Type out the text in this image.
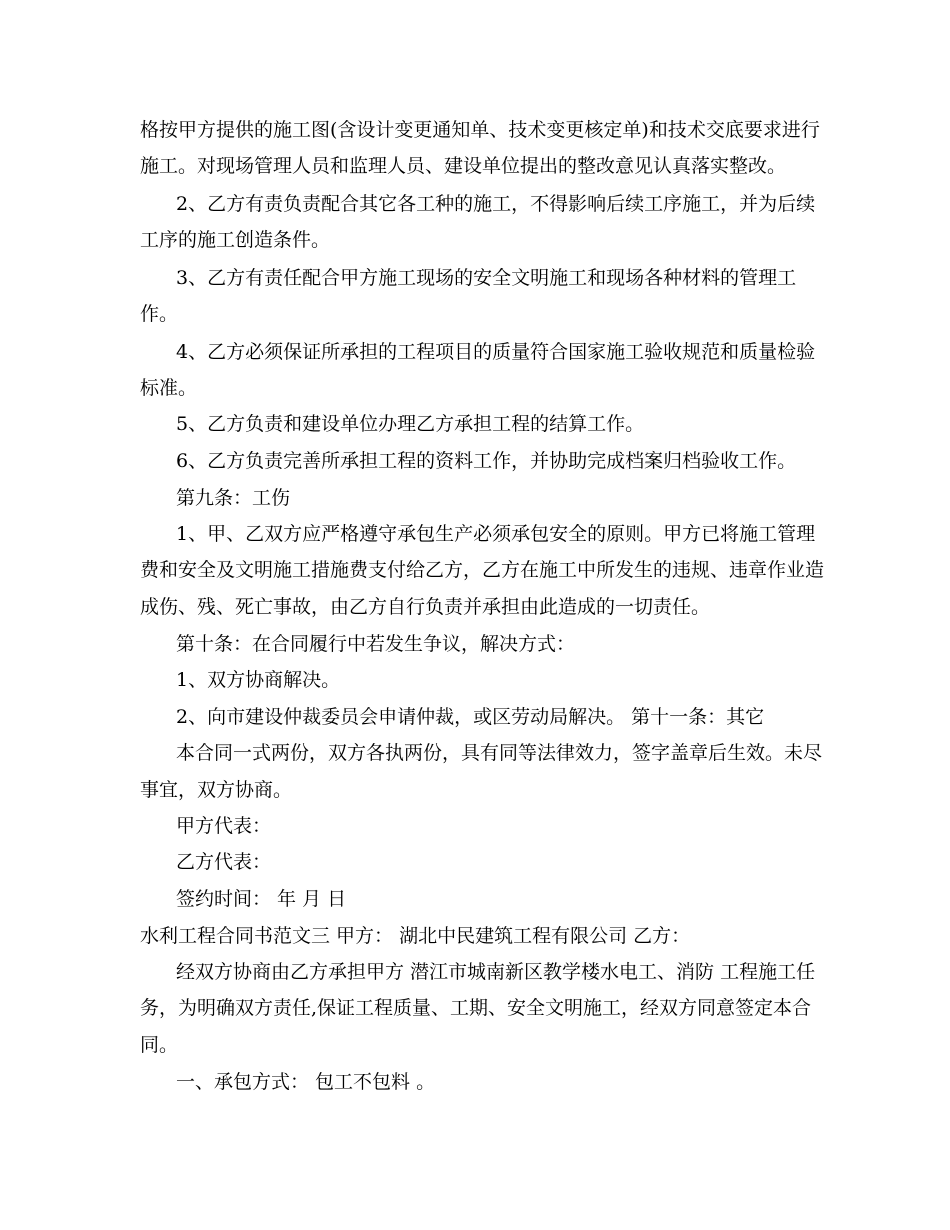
格按甲方提供的施工图(含设计变更通知单、技术变更核定单)和技术交底要求进行
施工。对现场管理人员和监理人员、建设单位提出的整改意见认真落实整改。
2、乙方有责负责配合其它各工种的施工，不得影响后续工序施工，并为后续
工序的施工创造条件。
3、乙方有责任配合甲方施工现场的安全文明施工和现场各种材料的管理工
作。
4、乙方必须保证所承担的工程项目的质量符合国家施工验收规范和质量检验
标准。
5、乙方负责和建设单位办理乙方承担工程的结算工作。
6、乙方负责完善所承担工程的资料工作，并协助完成档案归档验收工作。
第九条：工伤
1、甲、乙双方应严格遵守承包生产必须承包安全的原则。甲方已将施工管理
费和安全及文明施工措施费支付给乙方，乙方在施工中所发生的违规、违章作业造
成伤、残、死亡事故，由乙方自行负责并承担由此造成的一切责任。
第十条：在合同履行中若发生争议，解决方式：
1、双方协商解决。
2、向市建设仲裁委员会申请仲裁，或区劳动局解决。 第十一条：其它
本合同一式两份，双方各执两份，具有同等法律效力，签字盖章后生效。未尽
事宜，双方协商。
甲方代表：
乙方代表：
签约时间： 年 月 日
水利工程合同书范文三 甲方： 湖北中民建筑工程有限公司 乙方：
经双方协商由乙方承担甲方 潜江市城南新区教学楼水电工、消防 工程施工任
务，为明确双方责任,保证工程质量、工期、安全文明施工，经双方同意签定本合
同。
一、承包方式： 包工不包料 。
